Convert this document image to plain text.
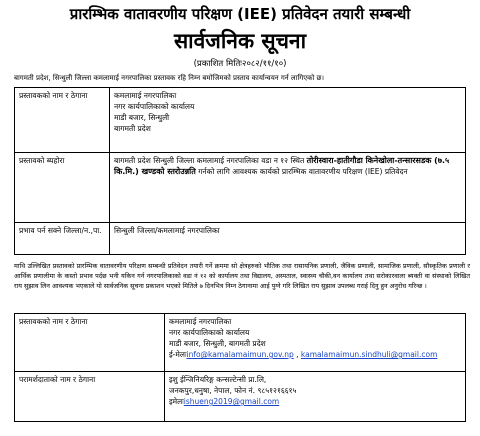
प्रारम्भिक वातावरणीय परिक्षण (IEE) प्रतिवेदन तयारी सम्बन्धी
सार्वजनिक सूचना
(प्रकाशित मितिः२०८२/११/१०)
बागमती प्रदेश, सिन्धुली जिल्ला कमलामाई नगरपालिका प्रस्तावक रहि निम्न बमोजिमको प्रस्ताव कार्यान्वयन गर्न लागिएको छ।
प्रस्तावकको नाम र ठेगाना	कमलामाई नगरपालिका
नगर कार्यपालिकाको कार्यालय
माडी बजार, सिन्धुली
बागमती प्रदेश

प्रस्तावको ब्यहोरा	बागमती प्रदेश सिन्धुली जिल्ला कमलामाई नगरपालिका वडा न १२ स्थित तोरीस्वारा-हातीगौडा किनेखोला-तन्सारसडक (७.५ कि.मि.) खण्डको स्तरोउन्नति गर्नको लागि आवश्यक कार्यको प्रारम्भिक वातावरणीय परिक्षण (IEE) प्रतिवेदन
प्रभाव पर्न सक्ने जिल्ला/न.,पा.	सिन्धुली जिल्ला/कमलामाई नगरपालिका
माथि उल्लिखित प्रस्तावको प्रारम्भिक वातावरणीय परिक्षण सम्बन्धी प्रतिवेदन तयारी गर्ने क्रममा सो क्षेत्रहरुको भौतिक तथा रासायनिक प्रणाली, जैविक प्रणाली, सामाजिक प्रणाली, सौस्कृतिक प्रणाली र आर्थिक प्रणालीमा के कस्तो प्रभाव पर्दछ भनी यकिन गर्न नगरपालिकाको वडा नं १२ को कार्यालय तथा विद्यालय, अस्पताल, स्वास्थ्य चौकी,वन कार्यालय तथा सरोकारवाला ब्यक्ती वा संस्थाको लिखित राय सुझाव लिन आवश्यक भएकाले यो सार्वजनिक सूचना प्रकाशन भएको मितिले ७ दिनभित्र निम्न ठेगानामा आई पुग्ने गरि लिखित राय सुझाव उपलब्ध गराई दिनु हुन अनुरोध गरिन्छ ।
प्रस्तावकको नाम र ठेगाना	कमलामाई नगरपालिका
नगर कार्यपालिकाको कार्यालय
माडी बजार, सिन्धुली, बागमती प्रदेश
ई-मेलःinfo@kamalamaimun.gov.np , kamalamaimun.sindhuli@gmail.com

परामर्शदाताको नाम र ठेगाना	इशु ईन्जिनियरिङ्ग कन्सल्टेन्सी प्रा.लि,
जनकपुर,धनुषा, नेपाल, फोन नं. ९८५१२१६६१५
इमेलःishueng2019@gmail.com
